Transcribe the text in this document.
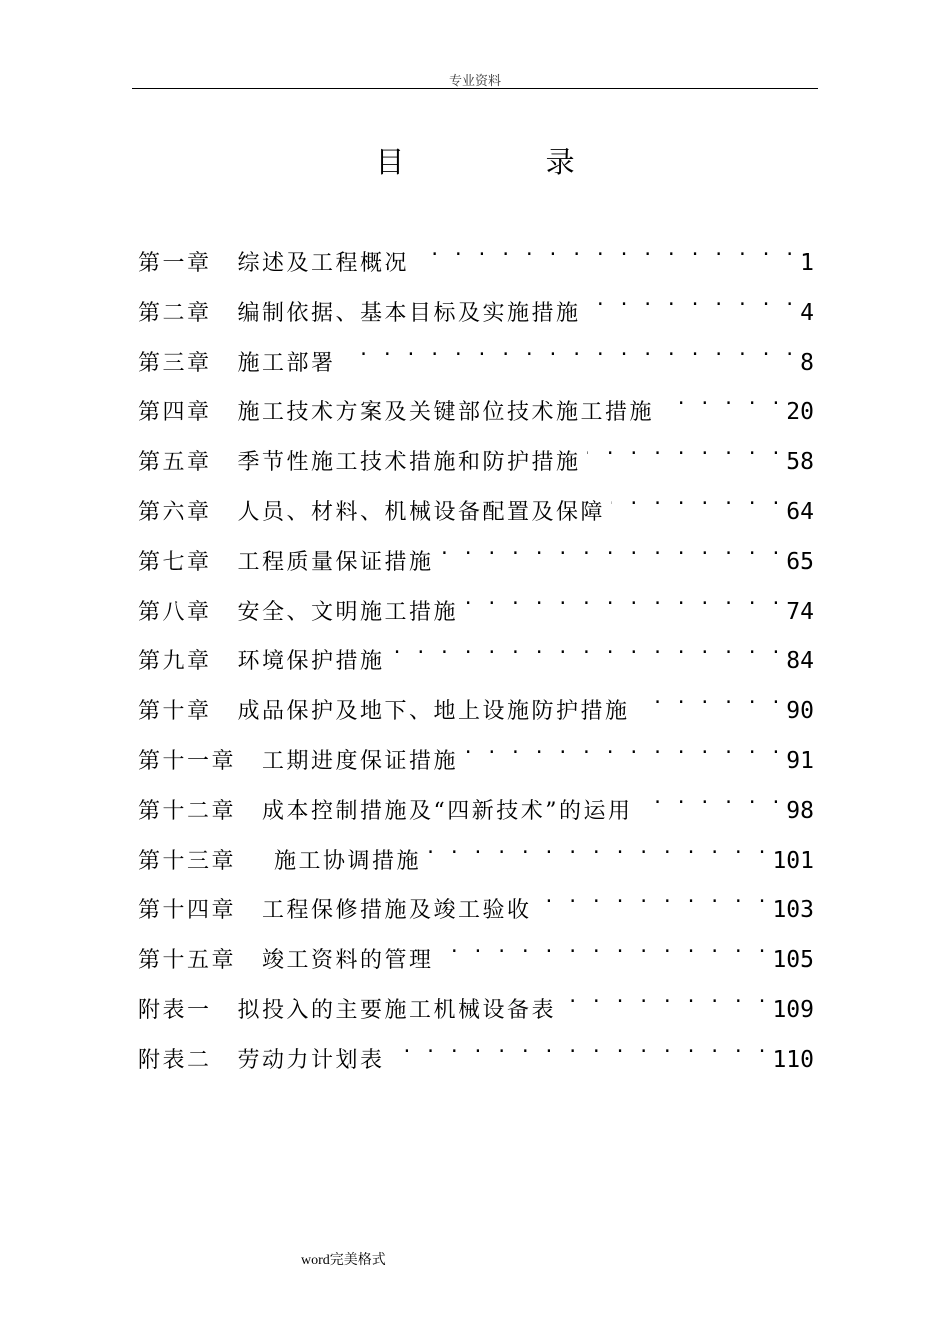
专业资料
目 录
第一章 综述及工程概况 . . .	1
第二章 编制依据、基本目标及实施措施 . . .	4
第三章 施工部署 . . .	8
第四章 施工技术方案及关键部位技术施工措施 . . .	20
第五章 季节性施工技术措施和防护措施 . . .	58
第六章 人员、材料、机械设备配置及保障 . . .	64
第七章 工程质量保证措施 . . .	65
第八章 安全、文明施工措施 . . .	74
第九章 环境保护措施 . . .	84
第十章 成品保护及地下、地上设施防护措施 . . .	90
第十一章 工期进度保证措施 . . .	91
第十二章 成本控制措施及“四新技术”的运用 . . .	98
第十三章 施工协调措施 . . .	101
第十四章 工程保修措施及竣工验收 . . .	103
第十五章 竣工资料的管理 . . .	105
附表一 拟投入的主要施工机械设备表 . . .	109
附表二 劳动力计划表 . . .	110
word完美格式
